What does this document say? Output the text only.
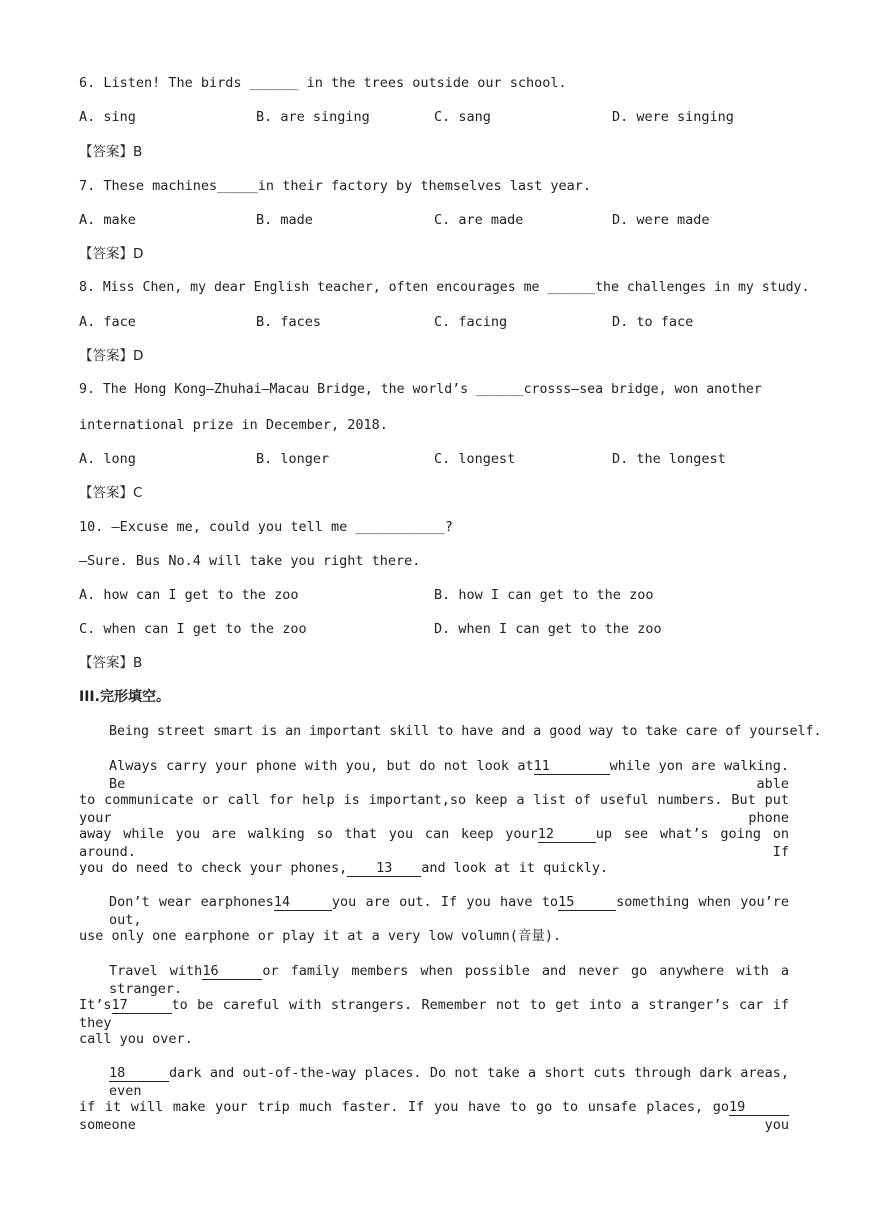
6. Listen! The birds ______ in the trees outside our school.
A. sing	B. are singing	C. sang	D. were singing
【答案】B
7. These machines_____in their factory by themselves last year.
A. make	B. made	C. are made	D. were made
【答案】D
8. Miss Chen, my dear English teacher, often encourages me ______the challenges in my study.
A. face	B. faces	C. facing	D. to face
【答案】D
9. The Hong Kong—Zhuhai—Macau Bridge, the world’s ______crosss—sea bridge, won another
international prize in December, 2018.
A. long	B. longer	C. longest	D. the longest
【答案】C
10. —Excuse me, could you tell me ___________?
—Sure. Bus No.4 will take you right there.
A. how can I get to the zoo	B. how I can get to the zoo
C. when can I get to the zoo	D. when I can get to the zoo
【答案】B
III.完形填空。
Being street smart is an important skill to have and a good way to take care of yourself.
Always carry your phone with you, but do not look at11	while yon are walking. Be able
to communicate or call for help is important,so keep a list of useful numbers. But put your phone
away while you are walking so that you can keep your12	up see what’s going on around. If
you do need to check your phones, 13 and look at it quickly.
Don’t wear earphones14	you are out. If you have to15	something when you’re out,
use only one earphone or play it at a very low volumn(音量).
Travel with16	or family members when possible and never go anywhere with a stranger.
It’s17	to be careful with strangers. Remember not to get into a stranger’s car if they
call you over.
18	dark and out-of-the-way places. Do not take a short cuts through dark areas, even
if it will make your trip much faster. If you have to go to unsafe places, go19someone you
